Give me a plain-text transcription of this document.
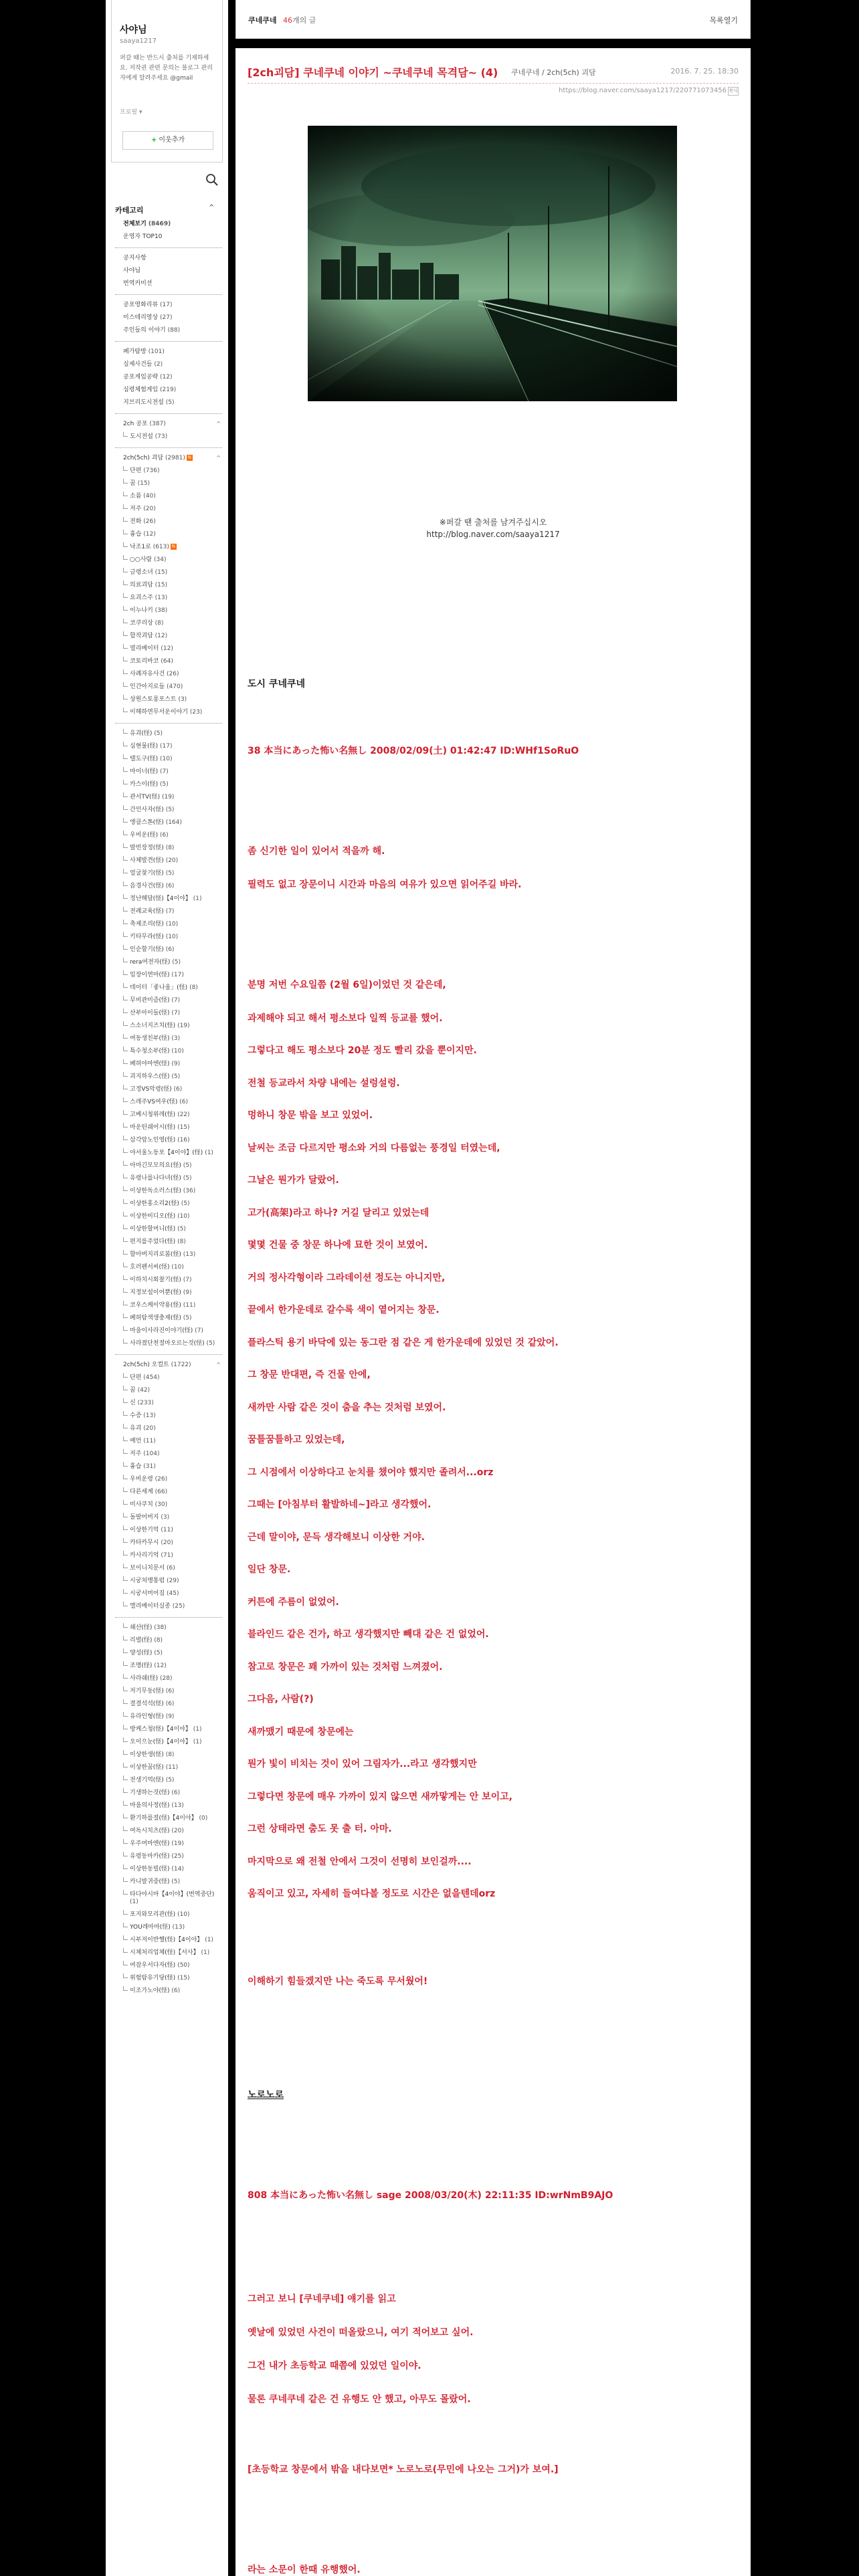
사야님
saaya1217
퍼갈 때는 반드시 출처를 기재하세요. 저작권 관련 문의는 블로그 관리자에게 알려주세요 @gmail
프로필 ▾
+ 이웃추가
카테고리	^
전체보기 (8469)
운영자 TOP10
공지사항
사야님
번역커미션
공포영화리뷰 (17)
미스테리영상 (27)
주인들의 이야기 (88)
폐가탐방 (101)
실제사건들 (2)
공포게임공략 (12)
심령체험게임 (219)
지브리도시전설 (5)
2ch 공포 (387)	^
도시전설 (73)
2ch(5ch) 괴담 (2981) N	^
단편 (736)
꿈 (15)
소름 (40)
저주 (20)
전화 (26)
흉습 (12)
낙조1로 (613) N
○○사람 (34)
금령소녀 (15)
의료괴담 (15)
요괴스주 (13)
이누나키 (38)
코쿠리상 (8)
합작괴담 (12)
열리베이터 (12)
코토리바코 (64)
사례자유사건 (26)
인간아지로들 (470)
상원스토롱포스트 (3)
이해하면무서운이야기 (23)
유괴(怪) (5)
심현물(怪) (17)
텔도구(怪) (10)
마이너(怪) (7)
카스이(怪) (5)
관서TV(怪) (19)
간인사자(怪) (5)
앵클스톤(怪) (164)
우비운(怪) (6)
발빈장정(怪) (8)
사체발견(怪) (20)
얼굴찾기(怪) (5)
음경사건(怪) (6)
정난해달(怪)【4이야】 (1)
전례교육(怪) (7)
축제조리(怪) (10)
키타무라(怪) (10)
인순할기(怪) (6)
rera여전자(怪) (5)
임장이연마(怪) (17)
데이터「좋나울」(怪) (8)
무비관미즘(怪) (7)
산부아이들(怪) (7)
스소너지즈치(怪) (19)
여동생친부(怪) (3)
특수청소부(怪) (10)
폐허야마엔(怪) (9)
괴지하우스(怪) (5)
고정VS악령(怪) (6)
스레주VS여우(怪) (6)
고베시청위레(怪) (22)
마운틴쉐어시(怪) (15)
삼각암노인영(怪) (16)
야서울노동포【4이야】(怪) (1)
아마긴모모의요(怪) (5)
유령나를나다녀(怪) (5)
이상한독소러스(怪) (36)
이상한홍소리2(怪) (5)
이상한비디오(怪) (10)
이상한할머니(怪) (5)
편지를주었다(怪) (8)
할아버지리로봄(怪) (13)
호러펜서씨(怪) (10)
이하치시회찰기(怪) (7)
지정보설이어뿐(怪) (9)
코우스케이약용(怪) (11)
폐허탐색생충재(怪) (5)
마을이사라진이야기(怪) (7)
사라졌단천절마오르는것(怪) (5)
2ch(5ch) 오컬트 (1722)	^
단편 (454)
꿈 (42)
신 (233)
수증 (13)
유괴 (20)
예언 (11)
저주 (104)
흉습 (31)
우비운령 (26)
다른세계 (66)
미사쿠치 (30)
돌팔어버지 (3)
이상한기억 (11)
카타카무시 (20)
카사리기억 (71)
보이니치문서 (6)
시궁처맹통럼 (29)
시궁서머어짐 (45)
엘리베이터실종 (25)
쇄산(怪) (38)
리벌(怪) (8)
양성(怪) (5)
조명(怪) (12)
사라쉐(怪) (28)
저기무동(怪) (6)
결결석석(怪) (6)
유라인형(怪) (9)
방케스청(怪)【4이야】 (1)
오이으눈(怪)【4이야】 (1)
이상한생(怪) (8)
이상한꿈(怪) (11)
전생기억(怪) (5)
기생하는것(怪) (6)
마을의사정(怪) (13)
환기하를절(怪)【4이야】 (0)
여독시치츠(怪) (20)
우주여마엔(怪) (19)
유령동마카(怪) (25)
이상한동빌(怪) (14)
카니발귀중(怪) (5)
타다야시마【4이야】(번역중단) (1)
포지와모리관(怪) (10)
YOU레마마(怪) (13)
시부저이반헬(怪)【4이야】 (1)
시체처리업체(怪)【서사】 (1)
여잠우서다자(怪) (50)
위험탐유기당(怪) (15)
이조가노야(怪) (6)
쿠네쿠네 46개의 글	목록열기
[2ch괴담] 쿠네쿠네 이야기 ~쿠네쿠네 목격담~ (4) 쿠네쿠네 / 2ch(5ch) 괴담	2016. 7. 25. 18:30
https://blog.naver.com/saaya1217/220771073456 복사
※퍼갈 땐 출처를 남겨주십시오
http://blog.naver.com/saaya1217
도시 쿠네쿠네
38 本当にあった怖い名無し 2008/02/09(土) 01:42:47 ID:WHf1SoRuO
좀 신기한 일이 있어서 적을까 해.
필력도 없고 장문이니 시간과 마음의 여유가 있으면 읽어주길 바라.
분명 저번 수요일쯤 (2월 6일)이었던 것 같은데,
과제해야 되고 해서 평소보다 일찍 등교를 했어.
그렇다고 해도 평소보다 20분 정도 빨리 갔을 뿐이지만.
전철 등교라서 차량 내에는 설렁설렁.
멍하니 창문 밖을 보고 있었어.
날씨는 조금 다르지만 평소와 거의 다름없는 풍경일 터였는데,
그날은 뭔가가 달랐어.
고가(高架)라고 하나? 거길 달리고 있었는데
몇몇 건물 중 창문 하나에 묘한 것이 보였어.
거의 정사각형이라 그라데이션 정도는 아니지만,
끝에서 한가운데로 갈수록 색이 옅어지는 창문.
플라스틱 용기 바닥에 있는 동그란 점 같은 게 한가운데에 있었던 것 같았어.
그 창문 반대편, 즉 건물 안에,
새까만 사람 같은 것이 춤을 추는 것처럼 보였어.
꿈틀꿈틀하고 있었는데,
그 시점에서 이상하다고 눈치를 챘어야 했지만 졸려서...orz
그때는 [아침부터 활발하네~]라고 생각했어.
근데 말이야, 문득 생각해보니 이상한 거야.
일단 창문.
커튼에 주름이 없었어.
블라인드 같은 건가, 하고 생각했지만 빼대 같은 건 없었어.
참고로 창문은 꽤 가까이 있는 것처럼 느껴졌어.
그다음, 사람(?)
새까맸기 때문에 창문에는
뭔가 빛이 비치는 것이 있어 그림자가...라고 생각했지만
그렇다면 창문에 매우 가까이 있지 않으면 새까맣게는 안 보이고,
그런 상태라면 춤도 못 출 터. 아마.
마지막으로 왜 전철 안에서 그것이 선명히 보인걸까....
움직이고 있고, 자세히 들여다볼 정도로 시간은 없을텐데orz
이해하기 힘들겠지만 나는 죽도록 무서웠어!
노로노로
808 本当にあった怖い名無し sage 2008/03/20(木) 22:11:35 ID:wrNmB9AJO
그러고 보니 [쿠네쿠네] 얘기를 읽고
옛날에 있었던 사건이 떠올랐으니, 여기 적어보고 싶어.
그건 내가 초등학교 때쯤에 있었던 일이야.
물론 쿠네쿠네 같은 건 유행도 안 했고, 아무도 몰랐어.
[초등학교 창문에서 밖을 내다보면* 노로노로(무민에 나오는 그거)가 보여.]
라는 소문이 한때 유행했어.
